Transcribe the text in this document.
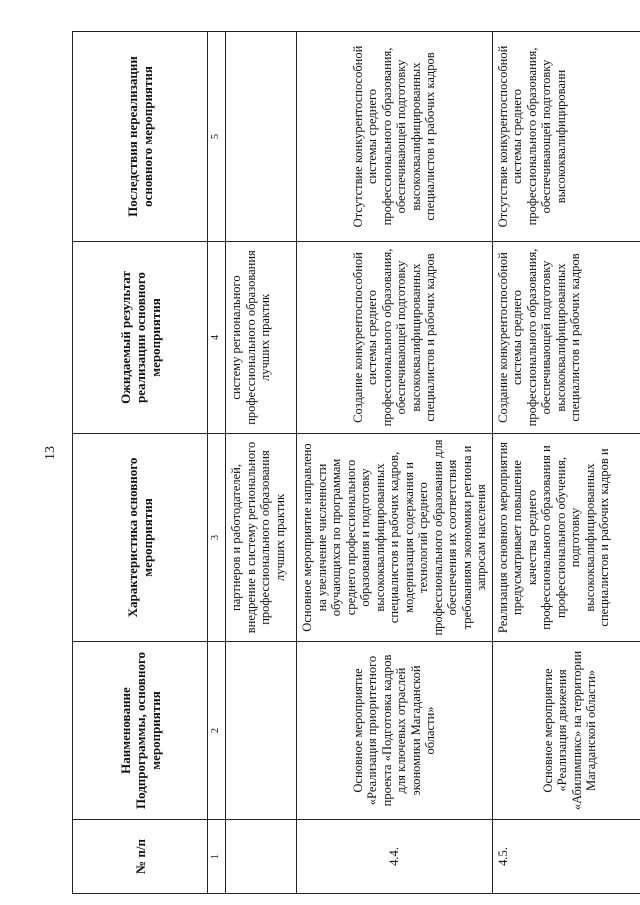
13
№ п/п	Наименование Подпрограммы, основного мероприятия	Характеристика основного мероприятия	Ожидаемый результат реализации основного мероприятия	Последствия нереализации основного мероприятия
1	2	3	4	5
		партнеров и работодателей, внедрение в систему регионального профессионального образования лучших практик	систему регионального профессионального образования лучших практик	
4.4.	Основное мероприятие «Реализация приоритетного проекта «Подготовка кадров для ключевых отраслей экономики Магаданской области»	Основное мероприятие направлено на увеличение численности обучающихся по программам среднего профессионального образования и подготовку высококвалифицированных специалистов и рабочих кадров, модернизация содержания и технологий среднего профессионального образования для обеспечения их соответствия требованиям экономики региона и запросам населения	Создание конкурентоспособной системы среднего профессионального образования, обеспечивающей подготовку высококвалифицированных специалистов и рабочих кадров	Отсутствие конкурентоспособной системы среднего профессионального образования, обеспечивающей подготовку высококвалифицированных специалистов и рабочих кадров
4.5.	Основное мероприятие «Реализация движения «Абилимпикс» на территории Магаданской области»	Реализация основного мероприятия предусматривает повышение качества среднего профессионального образования и профессионального обучения, подготовку высококвалифицированных специалистов и рабочих кадров и	Создание конкурентоспособной системы среднего профессионального образования, обеспечивающей подготовку высококвалифицированных специалистов и рабочих кадров	Отсутствие конкурентоспособной системы среднего профессионального образования, обеспечивающей подготовку высококвалифицированн
